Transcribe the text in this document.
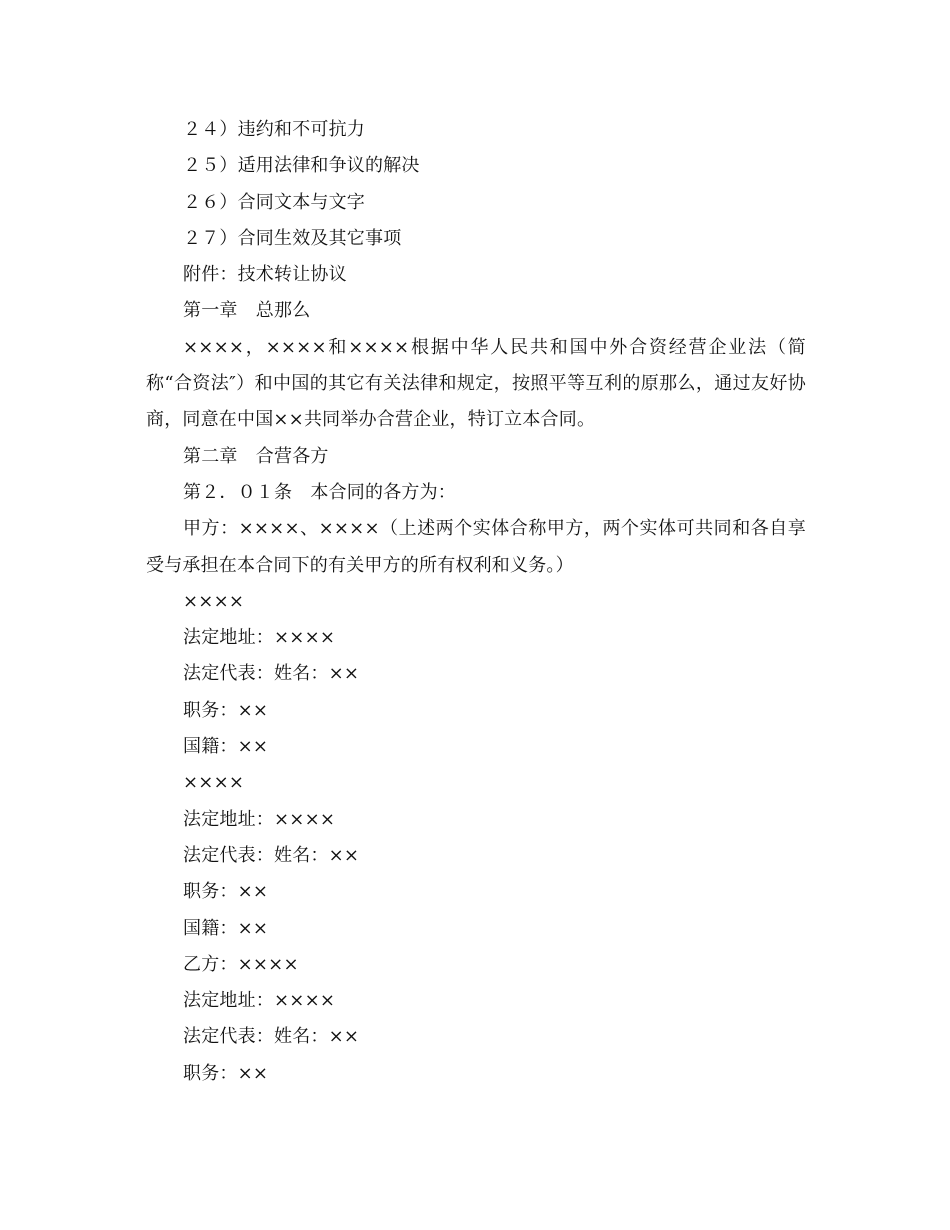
２４）违约和不可抗力
２５）适用法律和争议的解决
２６）合同文本与文字
２７）合同生效及其它事项
附件：技术转让协议
第一章　总那么
××××，××××和××××根据中华人民共和国中外合资经营企业法（简称“合资法″）和中国的其它有关法律和规定，按照平等互利的原那么，通过友好协商，同意在中国××共同举办合营企业，特订立本合同。
第二章　合营各方
第２．０１条　本合同的各方为：
甲方：××××、××××（上述两个实体合称甲方，两个实体可共同和各自享受与承担在本合同下的有关甲方的所有权利和义务。）
××××
法定地址：××××
法定代表：姓名：××
职务：××
国籍：××
××××
法定地址：××××
法定代表：姓名：××
职务：××
国籍：××
乙方：××××
法定地址：××××
法定代表：姓名：××
职务：××
